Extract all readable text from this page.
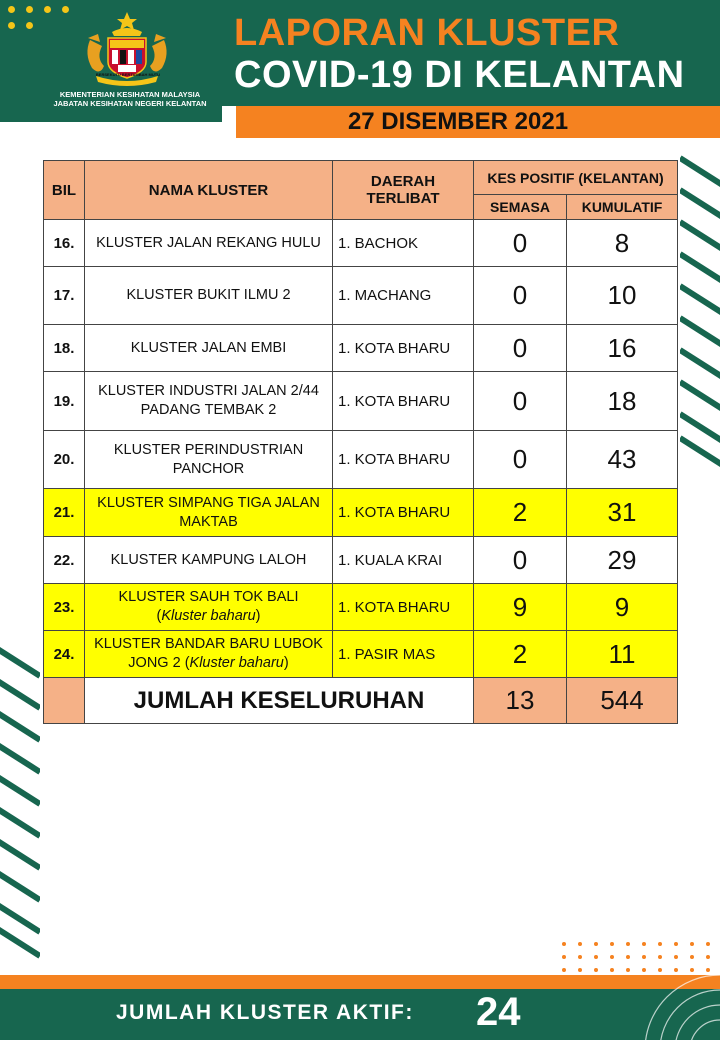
BERSEKUTU BERTAMBAH MUTU
KEMENTERIAN KESIHATAN MALAYSIA
JABATAN KESIHATAN NEGERI KELANTAN
LAPORAN KLUSTER
COVID-19 DI KELANTAN
27 DISEMBER 2021
JUMLAH KLUSTER AKTIF: 24
BIL	NAMA KLUSTER	DAERAH
TERLIBAT	KES POSITIF (KELANTAN)	
			SEMASA	KUMULATIF
16.	KLUSTER JALAN REKANG HULU	1. BACHOK	0	8
17.	KLUSTER BUKIT ILMU 2	1. MACHANG	0	10
18.	KLUSTER JALAN EMBI	1. KOTA BHARU	0	16
19.	KLUSTER INDUSTRI JALAN 2/44
PADANG TEMBAK 2	1. KOTA BHARU	0	18
20.	KLUSTER PERINDUSTRIAN
PANCHOR	1. KOTA BHARU	0	43
21.	KLUSTER SIMPANG TIGA JALAN
MAKTAB	1. KOTA BHARU	2	31
22.	KLUSTER KAMPUNG LALOH	1. KUALA KRAI	0	29
23.	KLUSTER SAUH TOK BALI
(Kluster baharu)	1. KOTA BHARU	9	9
24.	KLUSTER BANDAR BARU LUBOK
JONG 2 (Kluster baharu)	1. PASIR MAS	2	11
	JUMLAH KESELURUHAN		13	544
